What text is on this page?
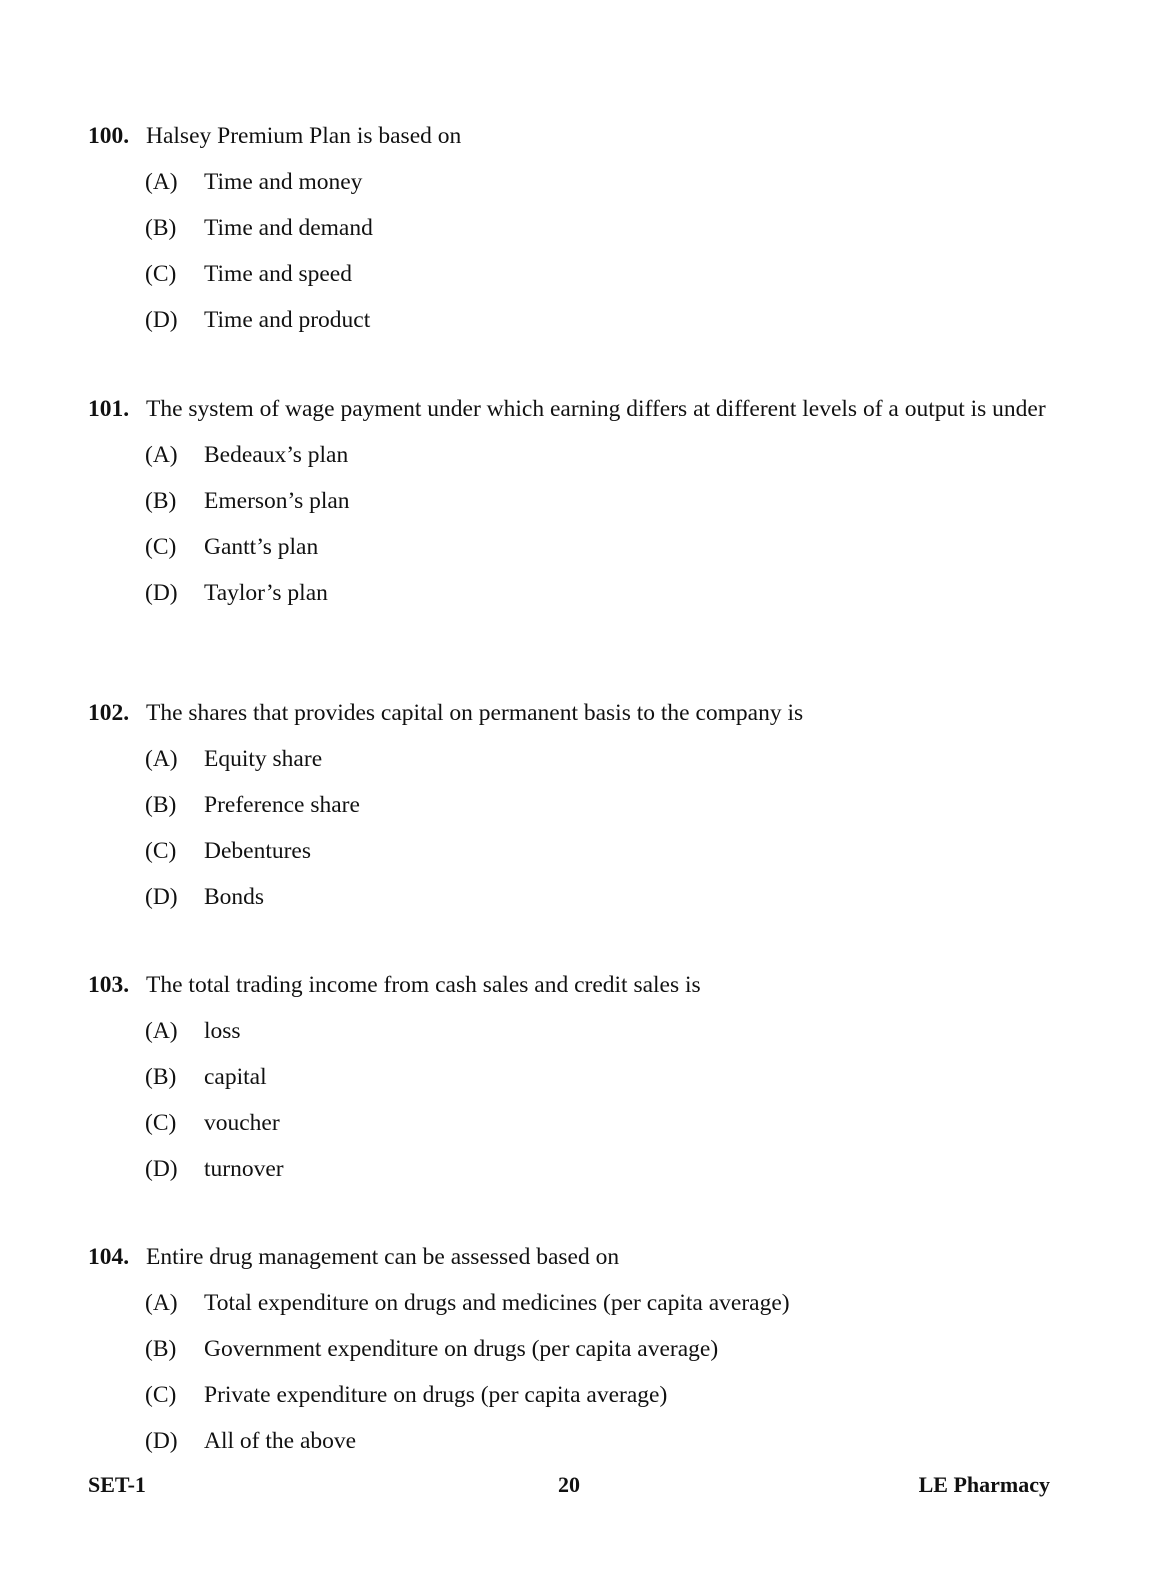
100. Halsey Premium Plan is based on
(A) Time and money
(B) Time and demand
(C) Time and speed
(D) Time and product
101. The system of wage payment under which earning differs at different levels of a output is under
(A) Bedeaux’s plan
(B) Emerson’s plan
(C) Gantt’s plan
(D) Taylor’s plan
102. The shares that provides capital on permanent basis to the company is
(A) Equity share
(B) Preference share
(C) Debentures
(D) Bonds
103. The total trading income from cash sales and credit sales is
(A) loss
(B) capital
(C) voucher
(D) turnover
104. Entire drug management can be assessed based on
(A) Total expenditure on drugs and medicines (per capita average)
(B) Government expenditure on drugs (per capita average)
(C) Private expenditure on drugs (per capita average)
(D) All of the above
SET-1	20	LE Pharmacy
